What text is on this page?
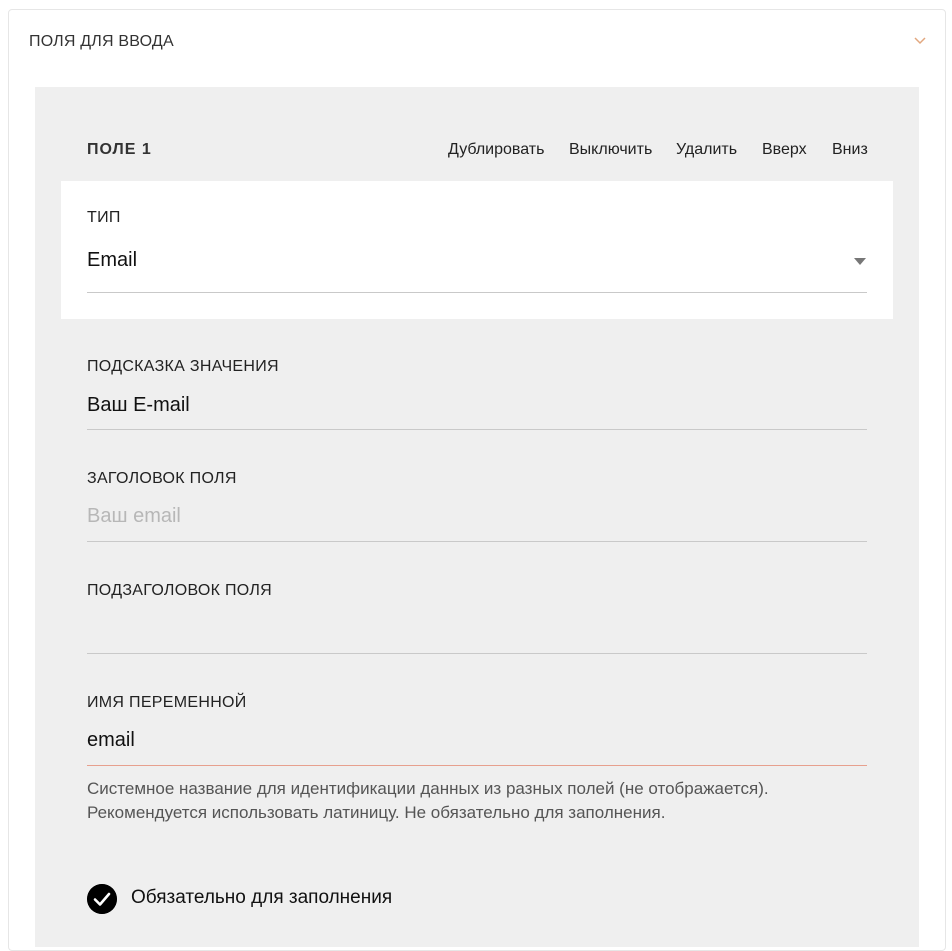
ПОЛЯ ДЛЯ ВВОДА
ПОЛЕ 1	Дублировать Выключить Удалить Вверх Вниз
ТИП
Email
ПОДСКАЗКА ЗНАЧЕНИЯ
Ваш E-mail
ЗАГОЛОВОК ПОЛЯ
Ваш email
ПОДЗАГОЛОВОК ПОЛЯ
ИМЯ ПЕРЕМЕННОЙ
email
Системное название для идентификации данных из разных полей (не отображается).
Рекомендуется использовать латиницу. Не обязательно для заполнения.
Обязательно для заполнения
